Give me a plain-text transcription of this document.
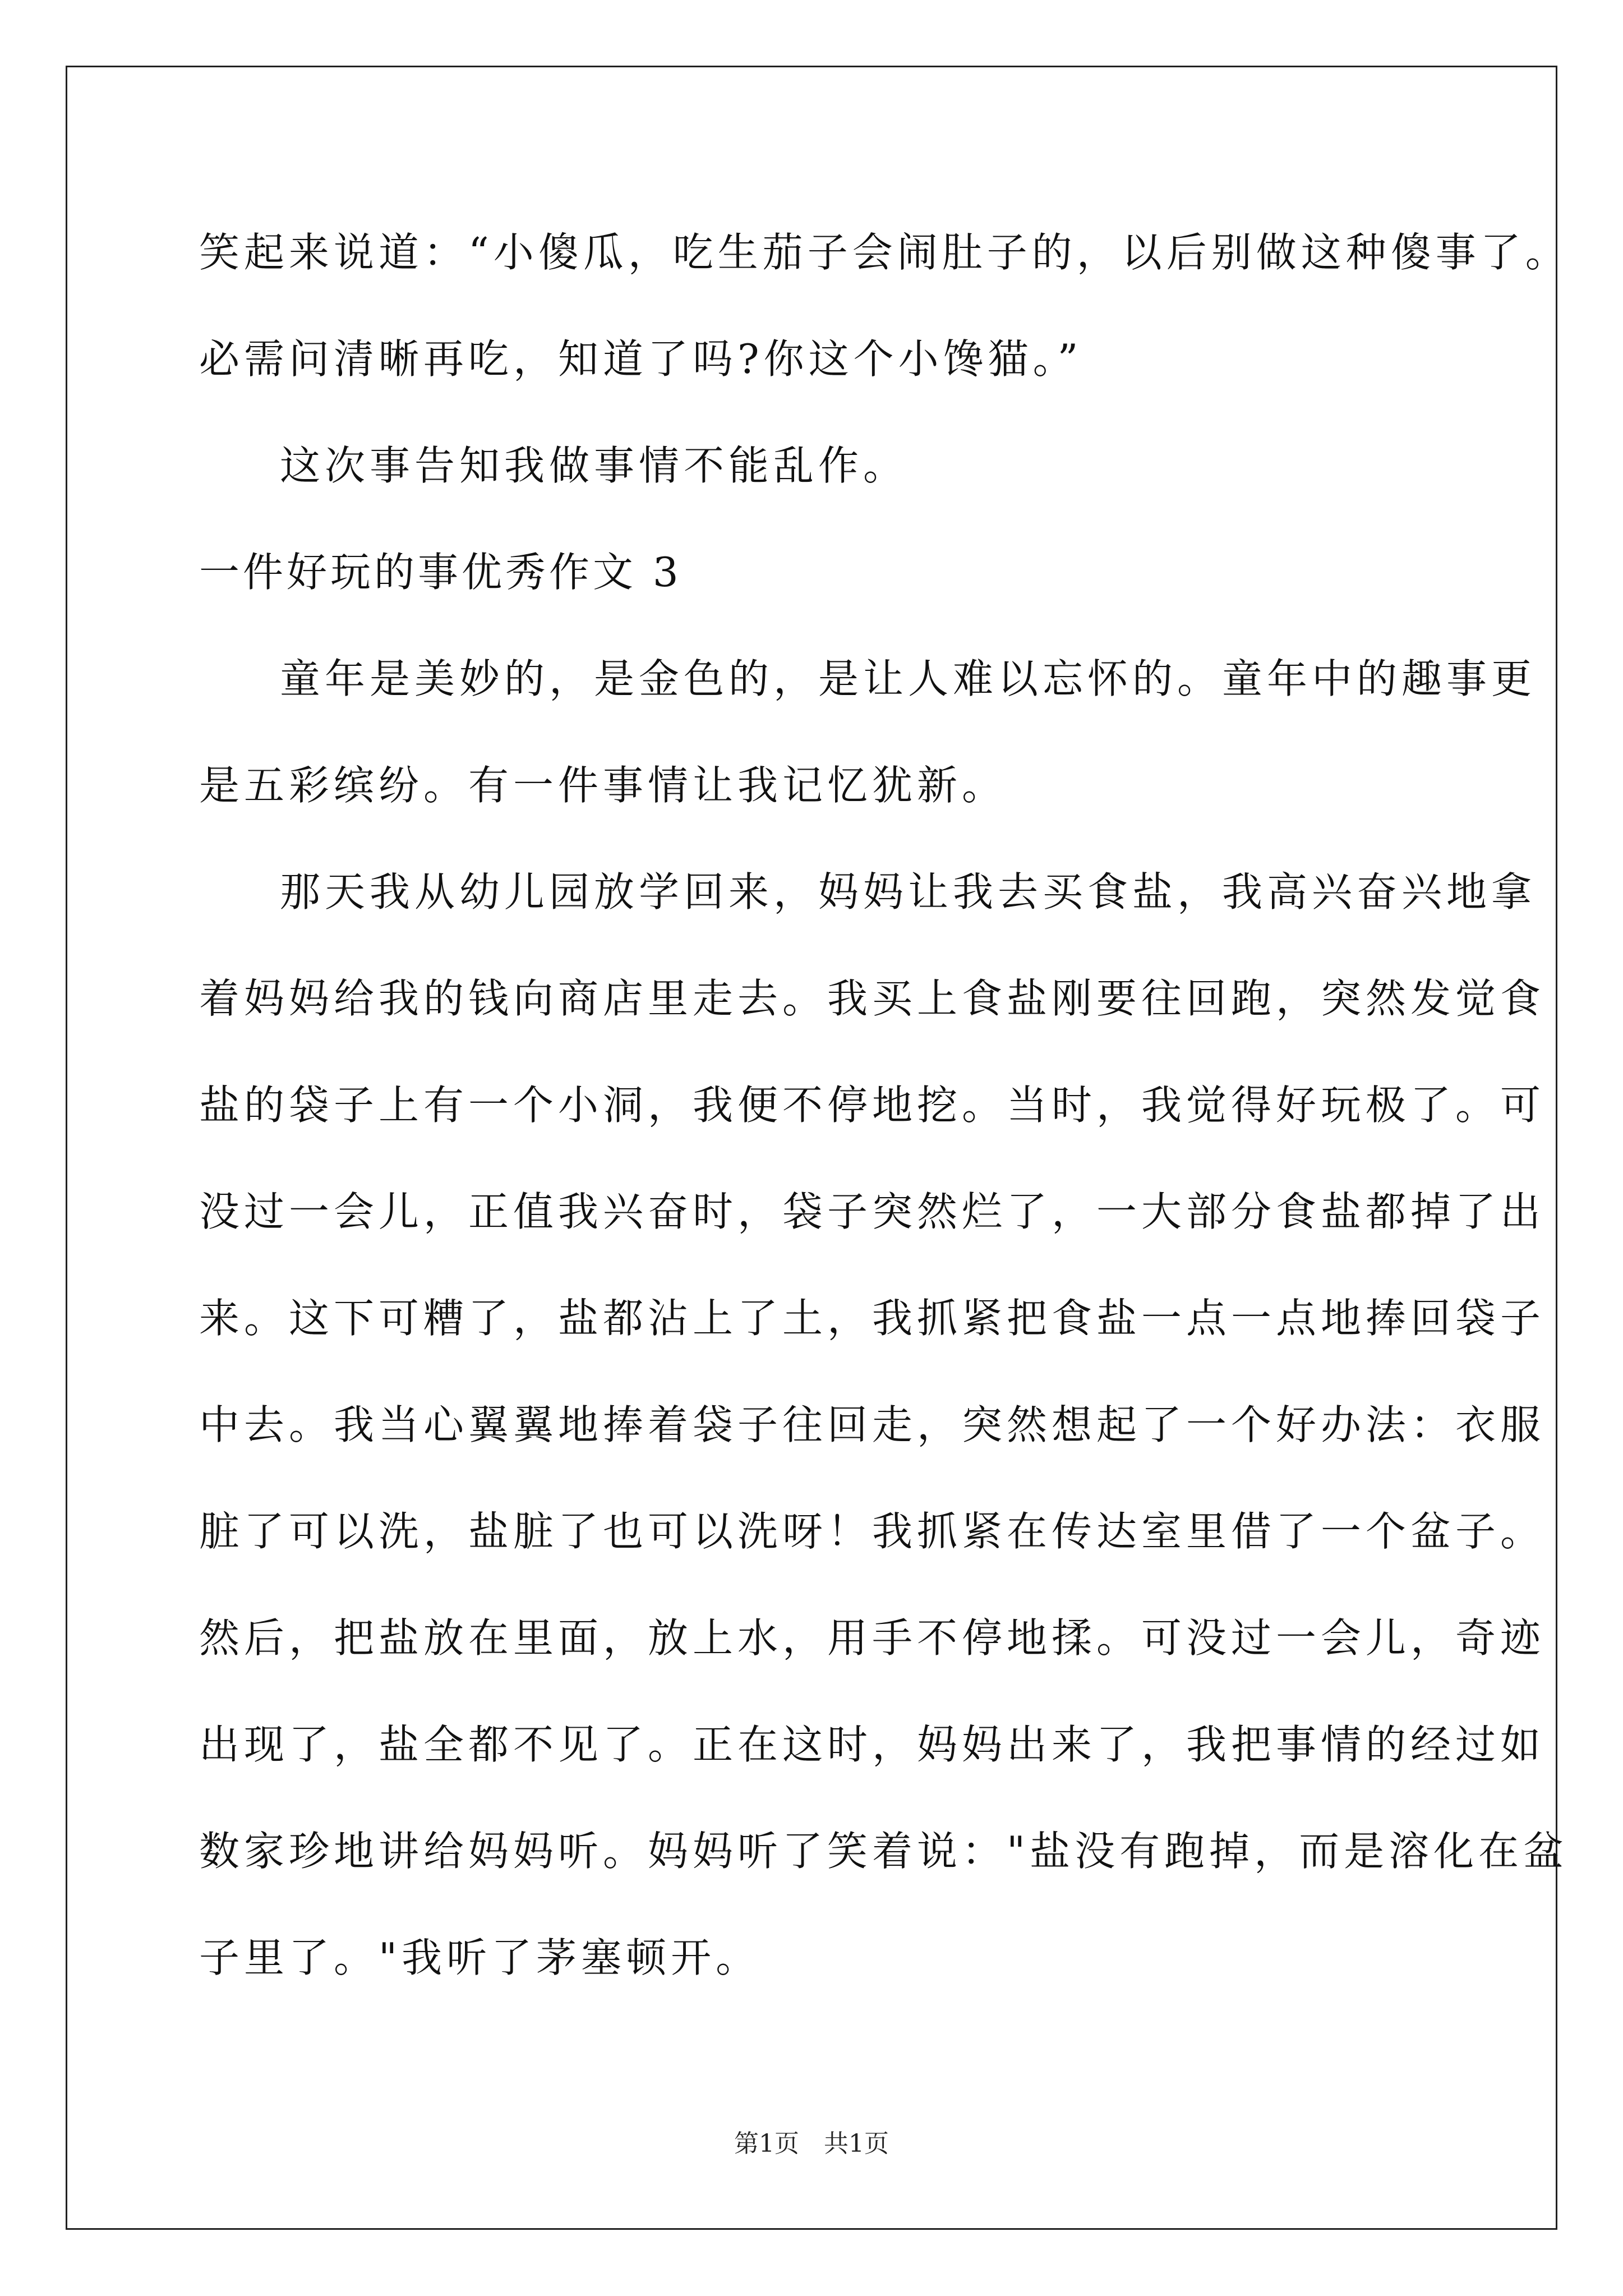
笑起来说道：“小傻瓜，吃生茄子会闹肚子的，以后别做这种傻事了。
必需问清晰再吃，知道了吗?你这个小馋猫。”
这次事告知我做事情不能乱作。
一件好玩的事优秀作文 3
童年是美妙的，是金色的，是让人难以忘怀的。童年中的趣事更
是五彩缤纷。有一件事情让我记忆犹新。
那天我从幼儿园放学回来，妈妈让我去买食盐，我高兴奋兴地拿
着妈妈给我的钱向商店里走去。我买上食盐刚要往回跑，突然发觉食
盐的袋子上有一个小洞，我便不停地挖。当时，我觉得好玩极了。可
没过一会儿，正值我兴奋时，袋子突然烂了，一大部分食盐都掉了出
来。这下可糟了，盐都沾上了土，我抓紧把食盐一点一点地捧回袋子
中去。我当心翼翼地捧着袋子往回走，突然想起了一个好办法：衣服
脏了可以洗，盐脏了也可以洗呀！我抓紧在传达室里借了一个盆子。
然后，把盐放在里面，放上水，用手不停地揉。可没过一会儿，奇迹
出现了，盐全都不见了。正在这时，妈妈出来了，我把事情的经过如
数家珍地讲给妈妈听。妈妈听了笑着说："盐没有跑掉，而是溶化在盆
子里了。"我听了茅塞顿开。
第1页　共1页
